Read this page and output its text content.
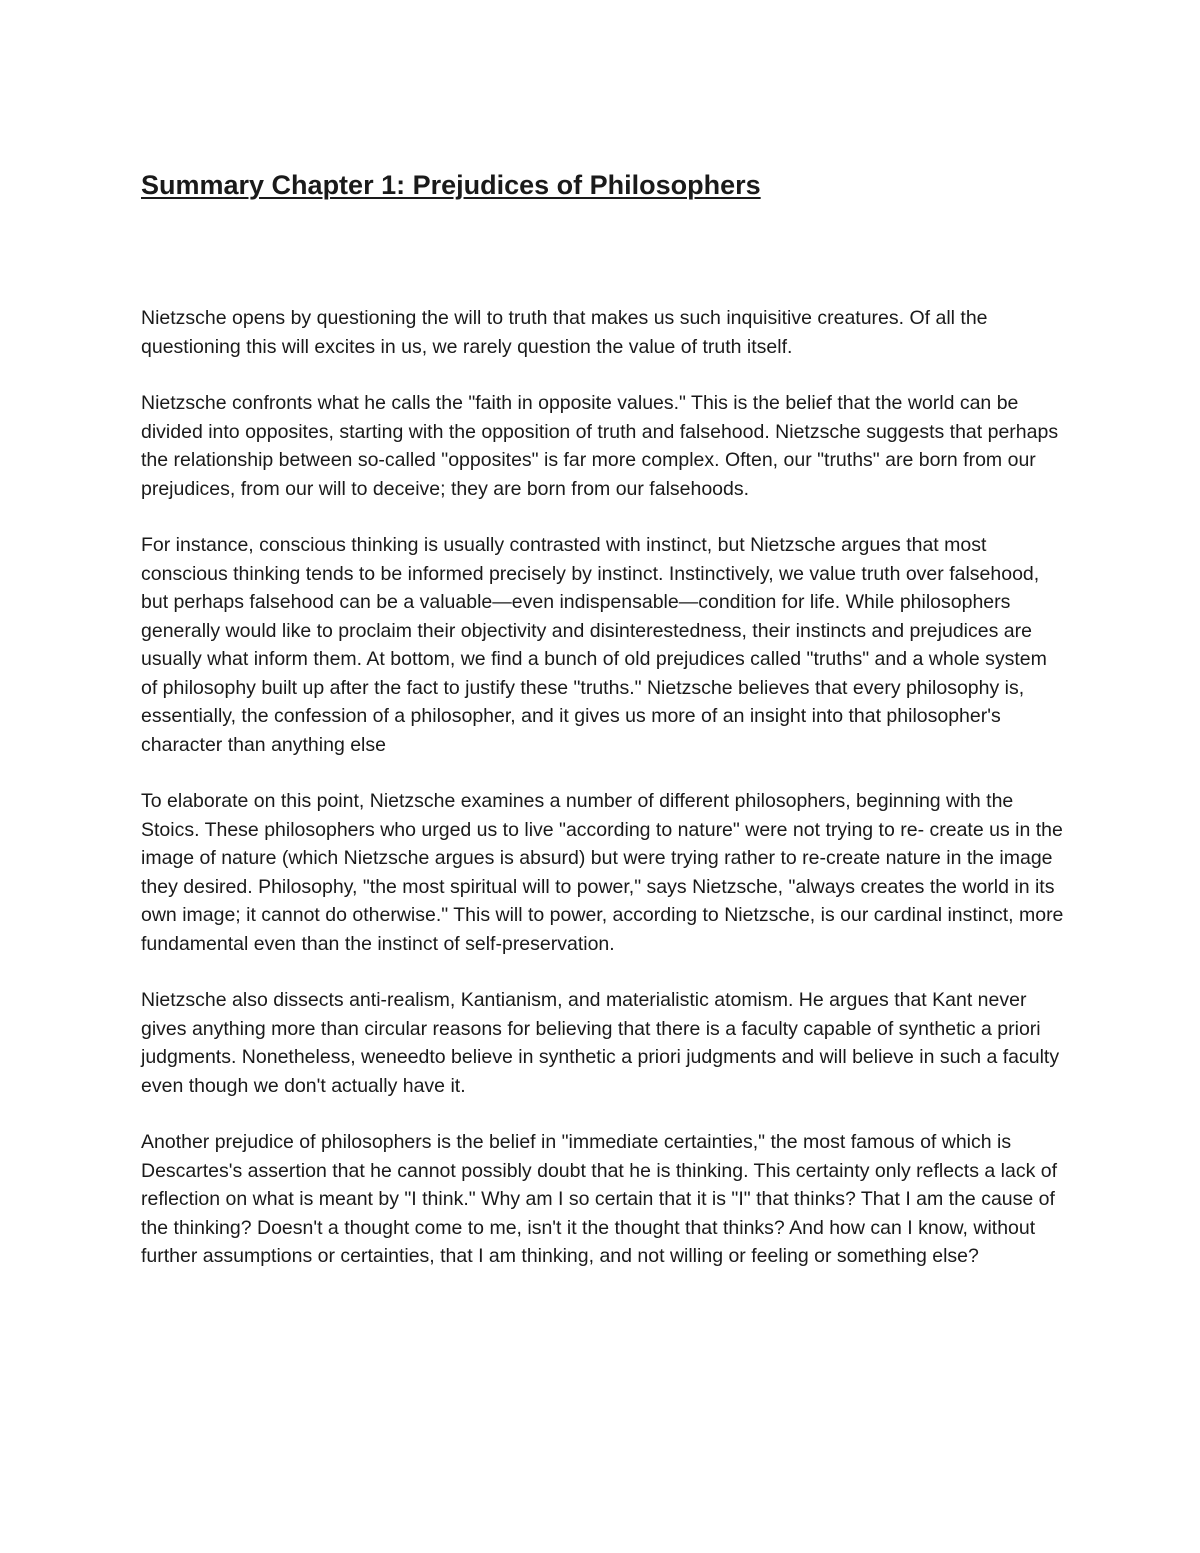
Summary Chapter 1: Prejudices of Philosophers

Nietzsche opens by questioning the will to truth that makes us such inquisitive creatures. Of all the questioning this will excites in us, we rarely question the value of truth itself.

Nietzsche confronts what he calls the "faith in opposite values." This is the belief that the world can be divided into opposites, starting with the opposition of truth and falsehood. Nietzsche suggests that perhaps the relationship between so-called "opposites" is far more complex. Often, our "truths" are born from our prejudices, from our will to deceive; they are born from our falsehoods.

For instance, conscious thinking is usually contrasted with instinct, but Nietzsche argues that most conscious thinking tends to be informed precisely by instinct. Instinctively, we value truth over falsehood, but perhaps falsehood can be a valuable—even indispensable—condition for life. While philosophers generally would like to proclaim their objectivity and disinterestedness, their instincts and prejudices are usually what inform them. At bottom, we find a bunch of old prejudices called "truths" and a whole system of philosophy built up after the fact to justify these "truths." Nietzsche believes that every philosophy is, essentially, the confession of a philosopher, and it gives us more of an insight into that philosopher's character than anything else

To elaborate on this point, Nietzsche examines a number of different philosophers, beginning with the Stoics. These philosophers who urged us to live "according to nature" were not trying to re- create us in the image of nature (which Nietzsche argues is absurd) but were trying rather to re-create nature in the image they desired. Philosophy, "the most spiritual will to power," says Nietzsche, "always creates the world in its own image; it cannot do otherwise." This will to power, according to Nietzsche, is our cardinal instinct, more fundamental even than the instinct of self-preservation.

Nietzsche also dissects anti-realism, Kantianism, and materialistic atomism. He argues that Kant never gives anything more than circular reasons for believing that there is a faculty capable of synthetic a priori judgments. Nonetheless, weneedto believe in synthetic a priori judgments and will believe in such a faculty even though we don't actually have it.

Another prejudice of philosophers is the belief in "immediate certainties," the most famous of which is Descartes's assertion that he cannot possibly doubt that he is thinking. This certainty only reflects a lack of reflection on what is meant by "I think." Why am I so certain that it is "I" that thinks? That I am the cause of the thinking? Doesn't a thought come to me, isn't it the thought that thinks? And how can I know, without further assumptions or certainties, that I am thinking, and not willing or feeling or something else?
